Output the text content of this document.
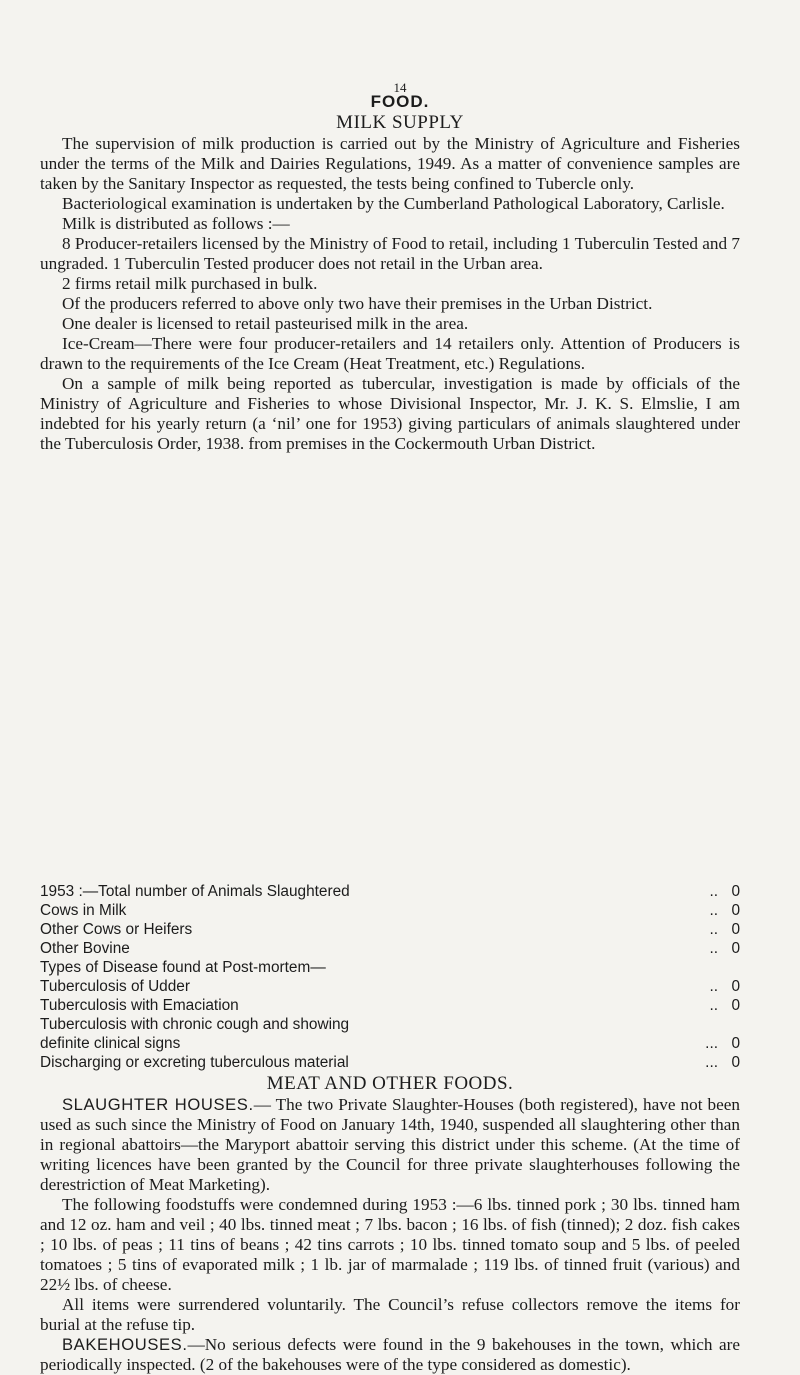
14
FOOD.
MILK SUPPLY

The supervision of milk production is carried out by the Ministry of Agriculture and Fisheries under the terms of the Milk and Dairies Regulations, 1949. As a matter of convenience samples are taken by the Sanitary Inspector as requested, the tests being confined to Tubercle only.

Bacteriological examination is undertaken by the Cumberland Pathological Laboratory, Carlisle.

Milk is distributed as follows :—

8 Producer-retailers licensed by the Ministry of Food to retail, including 1 Tuberculin Tested and 7 ungraded. 1 Tuberculin Tested producer does not retail in the Urban area.

2 firms retail milk purchased in bulk.

Of the producers referred to above only two have their premises in the Urban District.

One dealer is licensed to retail pasteurised milk in the area.

Ice-Cream—There were four producer-retailers and 14 retailers only. Attention of Producers is drawn to the requirements of the Ice Cream (Heat Treatment, etc.) Regulations.

On a sample of milk being reported as tubercular, investigation is made by officials of the Ministry of Agriculture and Fisheries to whose Divisional Inspector, Mr. J. K. S. Elmslie, I am indebted for his yearly return (a ‘nil’ one for 1953) giving particulars of animals slaughtered under the Tuberculosis Order, 1938. from premises in the Cockermouth Urban District.

1953 :—Total number of Animals Slaughtered	..	0
Cows in Milk	..	0
Other Cows or Heifers	..	0
Other Bovine	..	0
Types of Disease found at Post-mortem—		
Tuberculosis of Udder	..	0
Tuberculosis with Emaciation	..	0
Tuberculosis with chronic cough and showing		
definite clinical signs	...	0
Discharging or excreting tuberculous material	...	0

MEAT AND OTHER FOODS.

SLAUGHTER HOUSES.— The two Private Slaughter-Houses (both registered), have not been used as such since the Ministry of Food on January 14th, 1940, suspended all slaughtering other than in regional abattoirs—the Maryport abattoir serving this district under this scheme. (At the time of writing licences have been granted by the Council for three private slaughterhouses following the derestriction of Meat Marketing).

The following foodstuffs were condemned during 1953 :—6 lbs. tinned pork ; 30 lbs. tinned ham and 12 oz. ham and veil ; 40 lbs. tinned meat ; 7 lbs. bacon ; 16 lbs. of fish (tinned); 2 doz. fish cakes ; 10 lbs. of peas ; 11 tins of beans ; 42 tins carrots ; 10 lbs. tinned tomato soup and 5 lbs. of peeled tomatoes ; 5 tins of evaporated milk ; 1 lb. jar of marmalade ; 119 lbs. of tinned fruit (various) and 22½ lbs. of cheese.

All items were surrendered voluntarily. The Council’s refuse collectors remove the items for burial at the refuse tip.

BAKEHOUSES.—No serious defects were found in the 9 bakehouses in the town, which are periodically inspected. (2 of the bakehouses were of the type considered as domestic).
